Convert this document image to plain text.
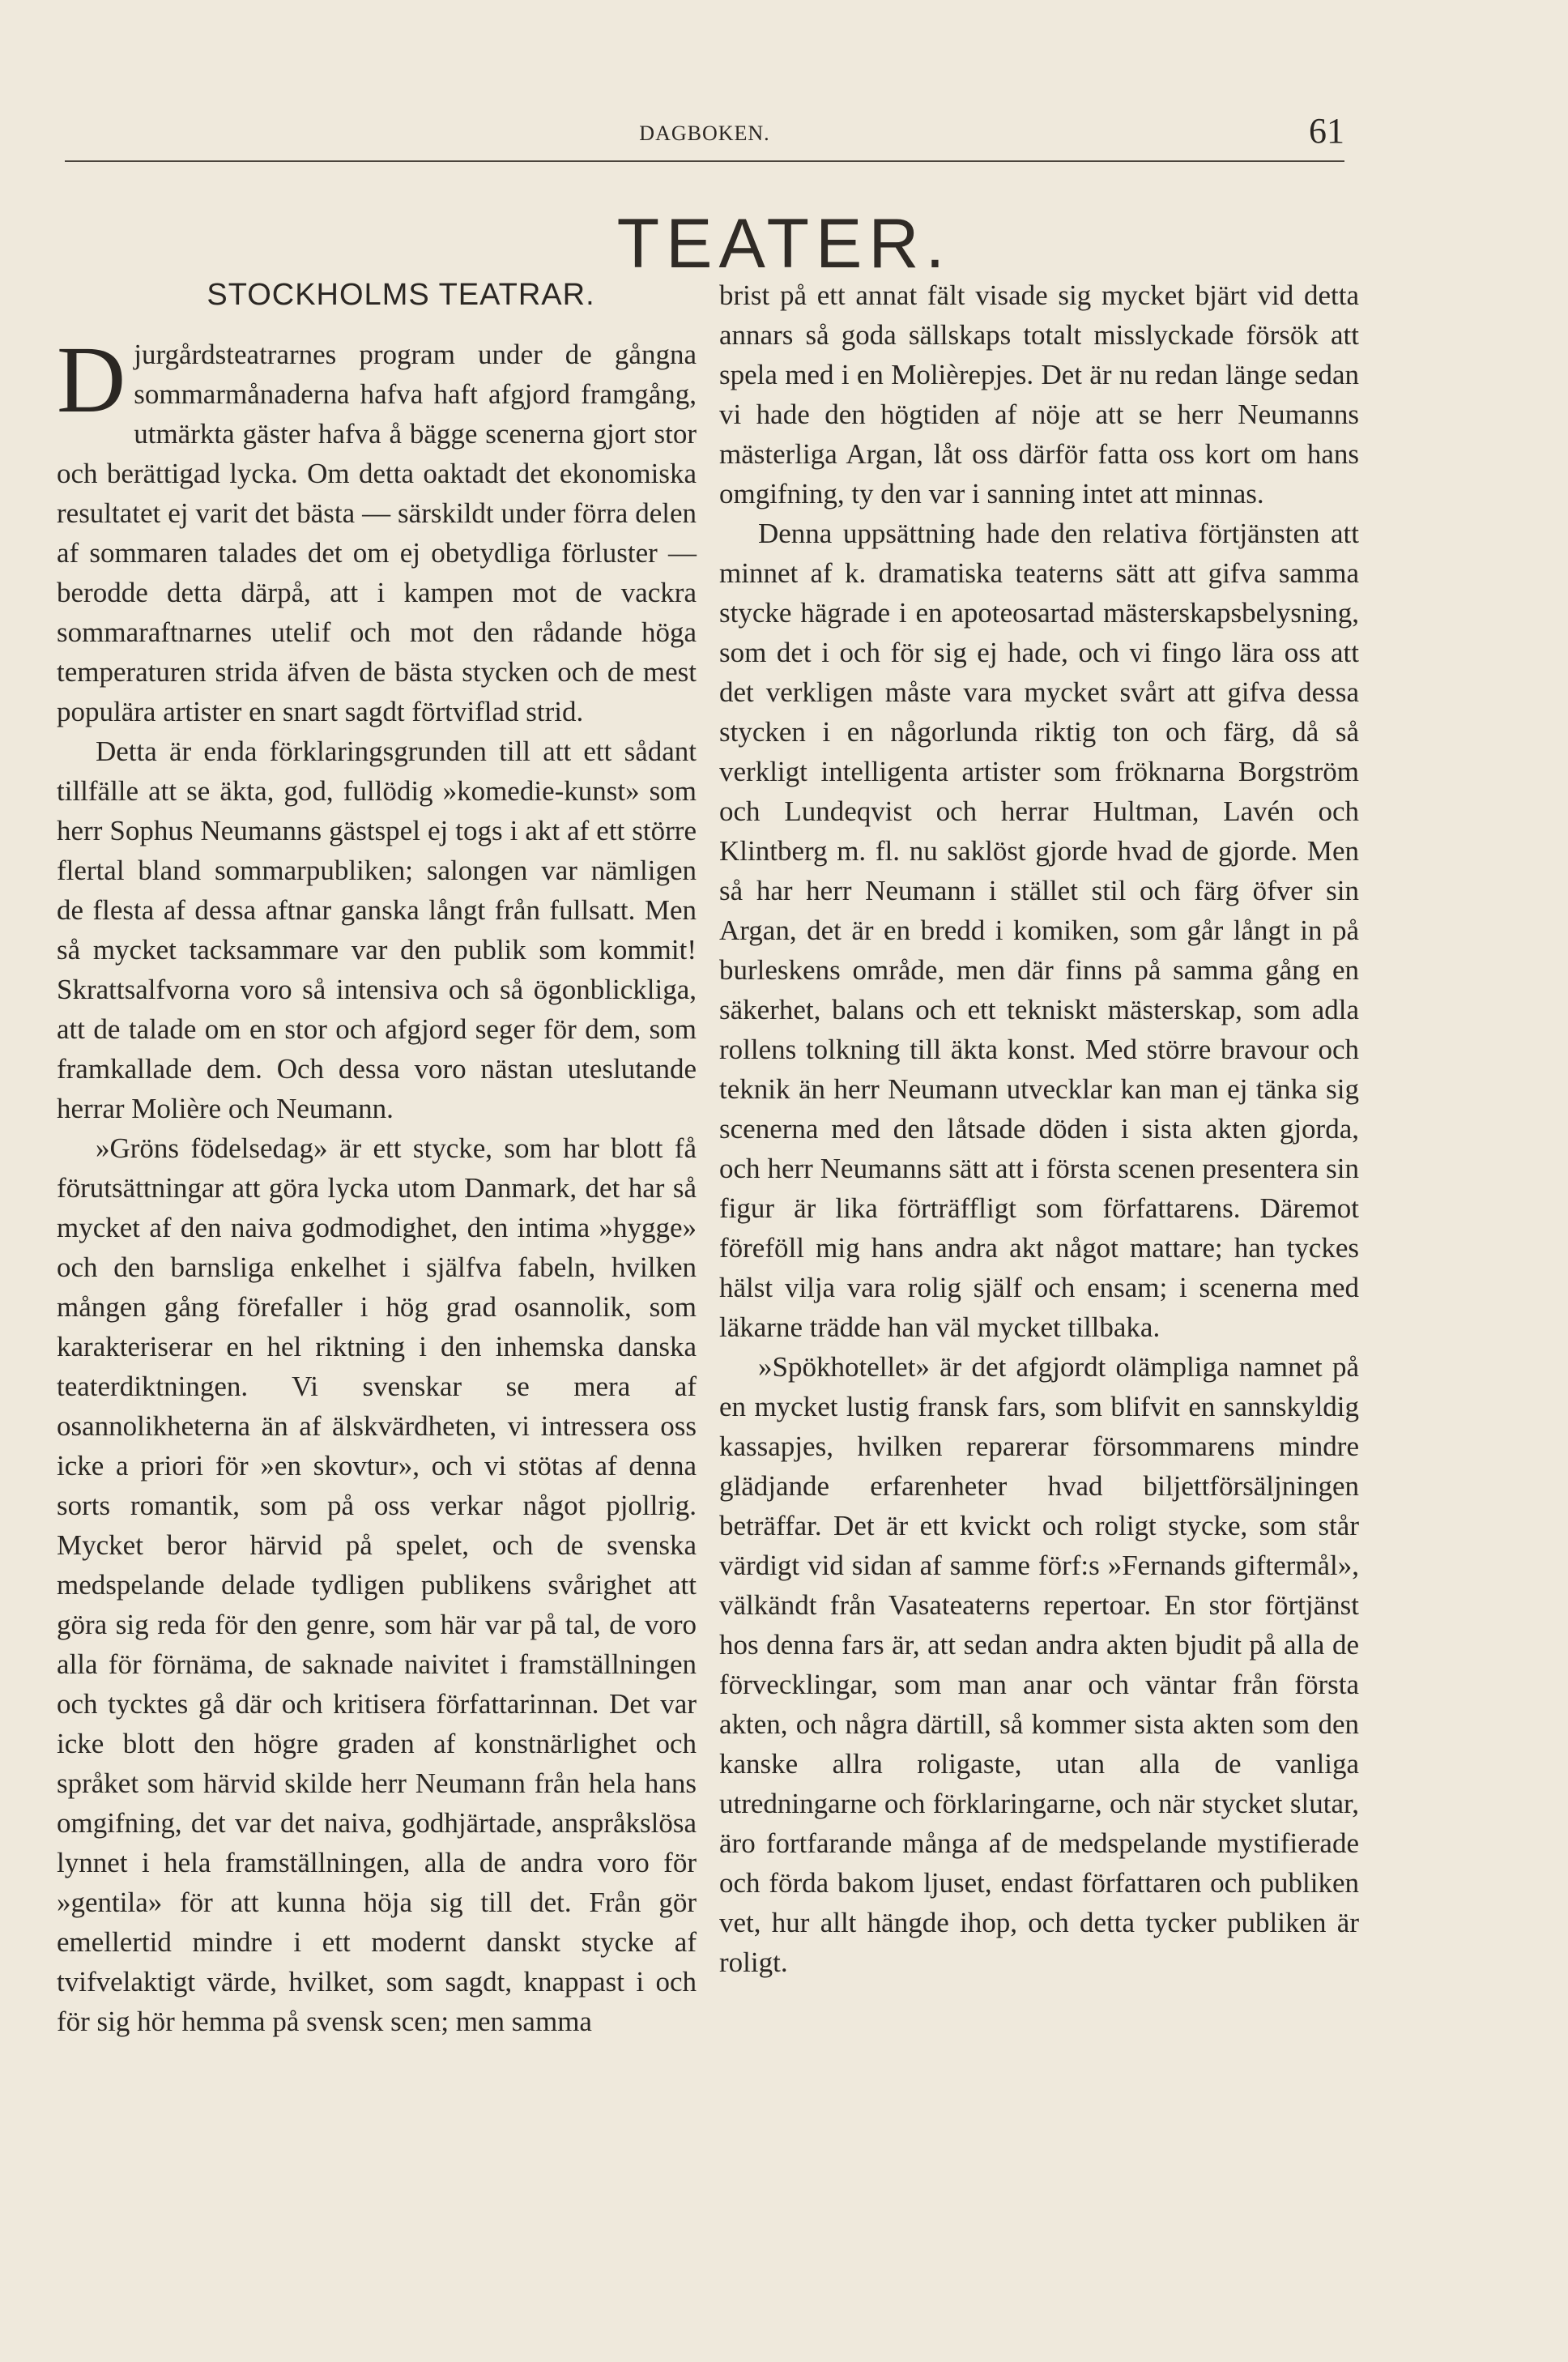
DAGBOKEN.	61
TEATER.
STOCKHOLMS TEATRAR.

Djurgårdsteatrarnes program under de gångna sommarmånaderna hafva haft afgjord framgång, utmärkta gäster hafva å bägge scenerna gjort stor och berättigad lycka. Om detta oaktadt det ekonomiska resultatet ej varit det bästa — särskildt under förra delen af sommaren talades det om ej obetydliga förluster — berodde detta därpå, att i kampen mot de vackra sommaraftnarnes utelif och mot den rådande höga temperaturen strida äfven de bästa stycken och de mest populära artister en snart sagdt förtviflad strid.

Detta är enda förklaringsgrunden till att ett sådant tillfälle att se äkta, god, fullödig »komedie-kunst» som herr Sophus Neumanns gästspel ej togs i akt af ett större flertal bland sommarpubliken; salongen var nämligen de flesta af dessa aftnar ganska långt från fullsatt. Men så mycket tacksammare var den publik som kommit! Skrattsalfvorna voro så intensiva och så ögonblickliga, att de talade om en stor och afgjord seger för dem, som framkallade dem. Och dessa voro nästan uteslutande herrar Molière och Neumann.

»Gröns födelsedag» är ett stycke, som har blott få förutsättningar att göra lycka utom Danmark, det har så mycket af den naiva godmodighet, den intima »hygge» och den barnsliga enkelhet i själfva fabeln, hvilken mången gång förefaller i hög grad osannolik, som karakteriserar en hel riktning i den inhemska danska teaterdiktningen. Vi svenskar se mera af osannolikheterna än af älskvärdheten, vi intressera oss icke a priori för »en skovtur», och vi stötas af denna sorts romantik, som på oss verkar något pjollrig. Mycket beror härvid på spelet, och de svenska medspelande delade tydligen publikens svårighet att göra sig reda för den genre, som här var på tal, de voro alla för förnäma, de saknade naivitet i framställningen och tycktes gå där och kritisera författarinnan. Det var icke blott den högre graden af konstnärlighet och språket som härvid skilde herr Neumann från hela hans omgifning, det var det naiva, godhjärtade, anspråkslösa lynnet i hela framställningen, alla de andra voro för »gentila» för att kunna höja sig till det. Från gör emellertid mindre i ett modernt danskt stycke af tvifvelaktigt värde, hvilket, som sagdt, knappast i och för sig hör hemma på svensk scen; men samma

brist på ett annat fält visade sig mycket bjärt vid detta annars så goda sällskaps totalt misslyckade försök att spela med i en Molièrepjes. Det är nu redan länge sedan vi hade den högtiden af nöje att se herr Neumanns mästerliga Argan, låt oss därför fatta oss kort om hans omgifning, ty den var i sanning intet att minnas.

Denna uppsättning hade den relativa förtjänsten att minnet af k. dramatiska teaterns sätt att gifva samma stycke hägrade i en apoteosartad mästerskapsbelysning, som det i och för sig ej hade, och vi fingo lära oss att det verkligen måste vara mycket svårt att gifva dessa stycken i en någorlunda riktig ton och färg, då så verkligt intelligenta artister som fröknarna Borgström och Lundeqvist och herrar Hultman, Lavén och Klintberg m. fl. nu saklöst gjorde hvad de gjorde. Men så har herr Neumann i stället stil och färg öfver sin Argan, det är en bredd i komiken, som går långt in på burleskens område, men där finns på samma gång en säkerhet, balans och ett tekniskt mästerskap, som adla rollens tolkning till äkta konst. Med större bravour och teknik än herr Neumann utvecklar kan man ej tänka sig scenerna med den låtsade döden i sista akten gjorda, och herr Neumanns sätt att i första scenen presentera sin figur är lika förträffligt som författarens. Däremot föreföll mig hans andra akt något mattare; han tyckes hälst vilja vara rolig själf och ensam; i scenerna med läkarne trädde han väl mycket tillbaka.

»Spökhotellet» är det afgjordt olämpliga namnet på en mycket lustig fransk fars, som blifvit en sannskyldig kassapjes, hvilken reparerar försommarens mindre glädjande erfarenheter hvad biljettförsäljningen beträffar. Det är ett kvickt och roligt stycke, som står värdigt vid sidan af samme förf:s »Fernands giftermål», välkändt från Vasateaterns repertoar. En stor förtjänst hos denna fars är, att sedan andra akten bjudit på alla de förvecklingar, som man anar och väntar från första akten, och några därtill, så kommer sista akten som den kanske allra roligaste, utan alla de vanliga utredningarne och förklaringarne, och när stycket slutar, äro fortfarande många af de medspelande mystifierade och förda bakom ljuset, endast författaren och publiken vet, hur allt hängde ihop, och detta tycker publiken är roligt.
